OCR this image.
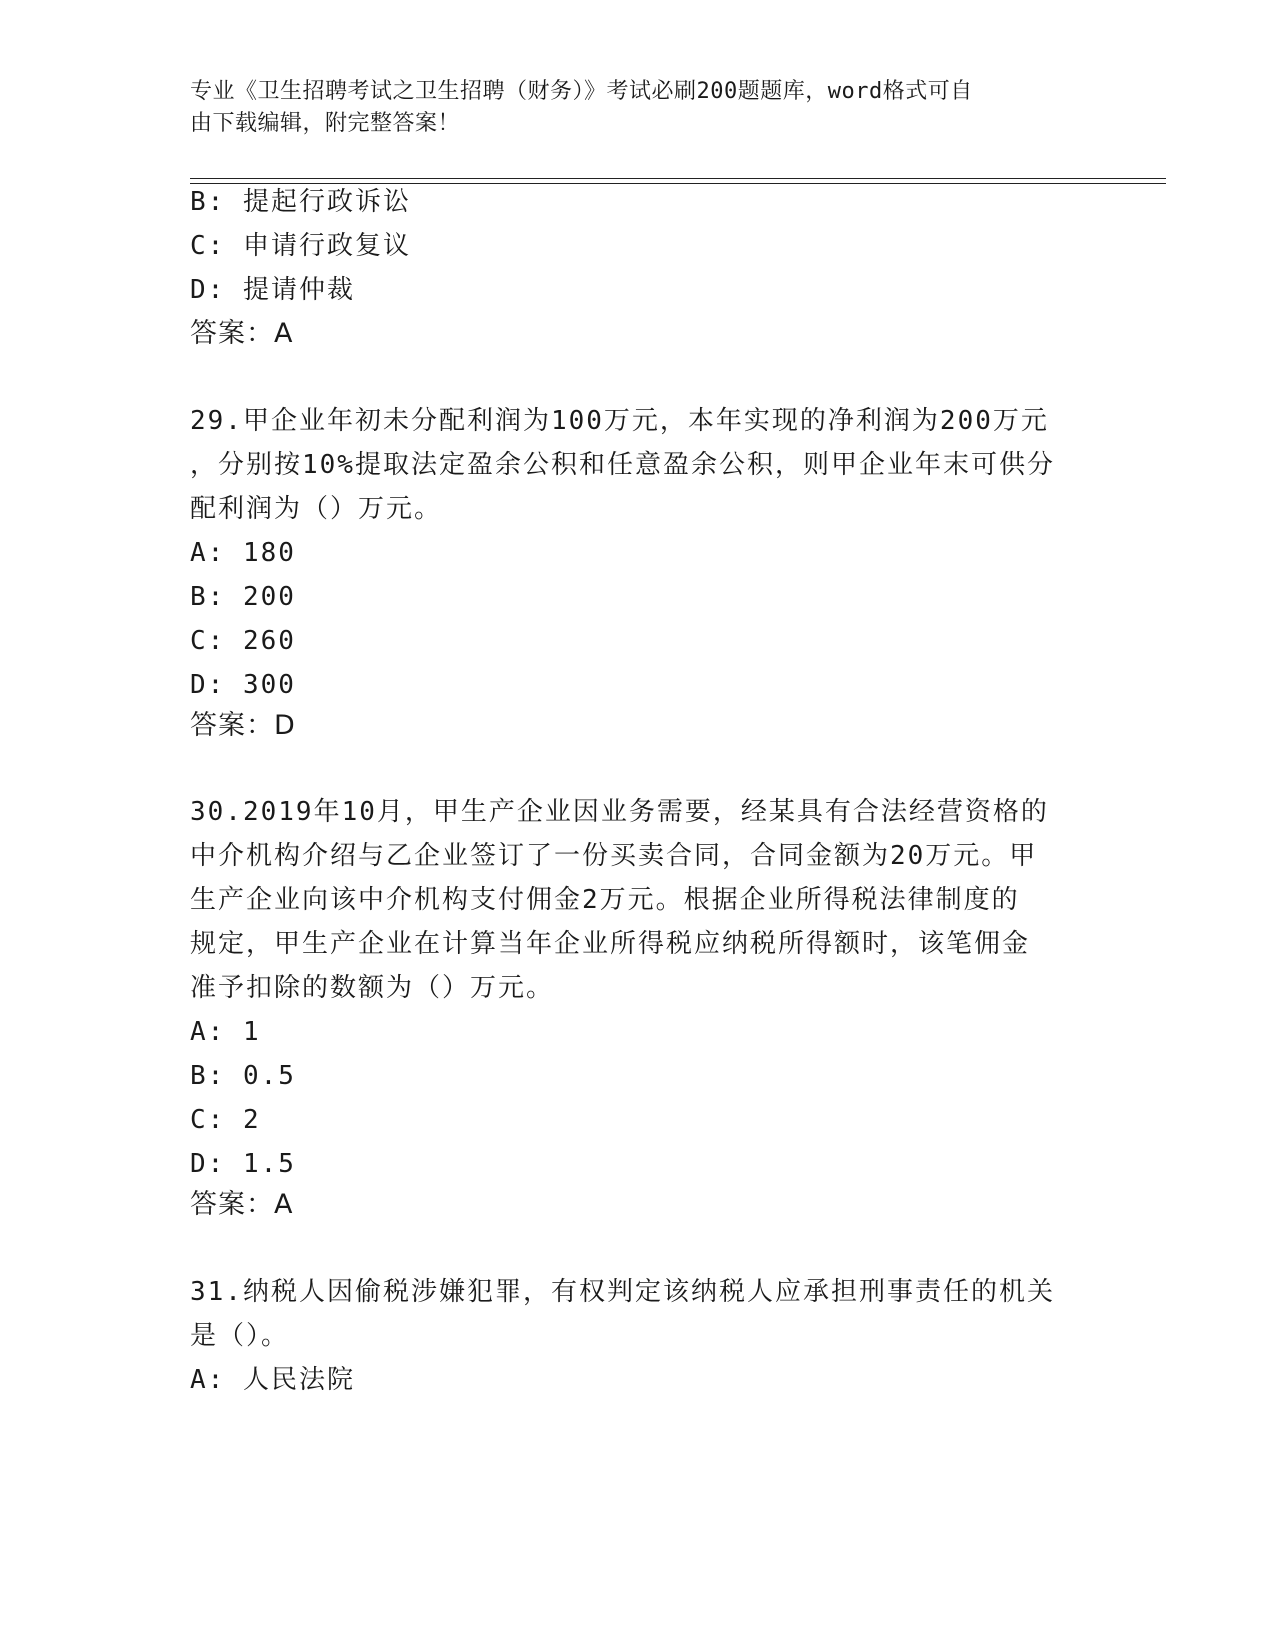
专业《卫生招聘考试之卫生招聘（财务）》考试必刷200题题库，word格式可自
由下载编辑，附完整答案！
B: 提起行政诉讼
C: 申请行政复议
D: 提请仲裁
答案：A
29.甲企业年初未分配利润为100万元，本年实现的净利润为200万元
，分别按10%提取法定盈余公积和任意盈余公积，则甲企业年末可供分
配利润为（）万元。
A: 180
B: 200
C: 260
D: 300
答案：D
30.2019年10月，甲生产企业因业务需要，经某具有合法经营资格的
中介机构介绍与乙企业签订了一份买卖合同，合同金额为20万元。甲
生产企业向该中介机构支付佣金2万元。根据企业所得税法律制度的
规定，甲生产企业在计算当年企业所得税应纳税所得额时，该笔佣金
准予扣除的数额为（）万元。
A: 1
B: 0.5
C: 2
D: 1.5
答案：A
31.纳税人因偷税涉嫌犯罪，有权判定该纳税人应承担刑事责任的机关
是（）。
A: 人民法院
